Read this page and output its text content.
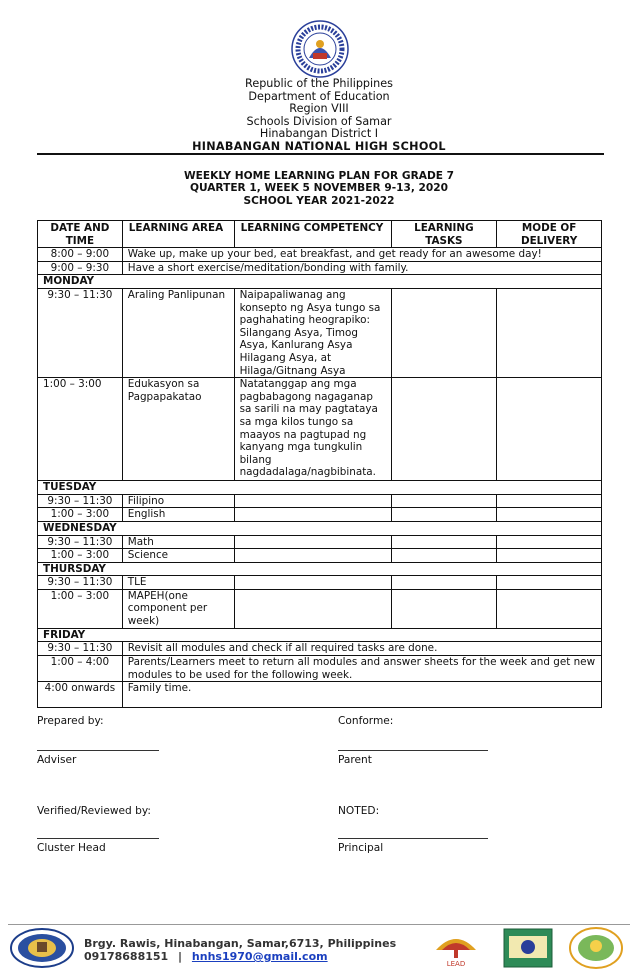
Republic of the Philippines
Department of Education
Region VIII
Schools Division of Samar
Hinabangan District I
HINABANGAN NATIONAL HIGH SCHOOL
WEEKLY HOME LEARNING PLAN FOR GRADE 7
QUARTER 1, WEEK 5 NOVEMBER 9-13, 2020
SCHOOL YEAR 2021-2022
DATE AND TIME	LEARNING AREA	LEARNING COMPETENCY	LEARNING TASKS	MODE OF DELIVERY
8:00 – 9:00	Wake up, make up your bed, eat breakfast, and get ready for an awesome day!			
9:00 – 9:30	Have a short exercise/meditation/bonding with family.			
MONDAY				
9:30 – 11:30	Araling Panlipunan	Naipapaliwanag ang konsepto ng Asya tungo sa paghahating heograpiko: Silangang Asya, Timog Asya, Kanlurang Asya Hilagang Asya, at Hilaga/Gitnang Asya		
1:00 – 3:00	Edukasyon sa Pagpapakatao	Natatanggap ang mga pagbabagong nagaganap sa sarili na may pagtataya sa mga kilos tungo sa maayos na pagtupad ng kanyang mga tungkulin bilang nagdadalaga/nagbibinata.		
TUESDAY				
9:30 – 11:30	Filipino			
1:00 – 3:00	English			
WEDNESDAY				
9:30 – 11:30	Math			
1:00 – 3:00	Science			
THURSDAY				
9:30 – 11:30	TLE			
1:00 – 3:00	MAPEH(one component per week)			
FRIDAY				
9:30 – 11:30	Revisit all modules and check if all required tasks are done.			
1:00 – 4:00	Parents/Learners meet to return all modules and answer sheets for the week and get new modules to be used for the following week.			
4:00 onwards	Family time.			
Prepared by:
Adviser
Conforme:
Parent
Verified/Reviewed by:
Cluster Head
NOTED:
Principal
Brgy. Rawis, Hinabangan, Samar,6713, Philippines
09178688151 | hnhs1970@gmail.com
LEAD
